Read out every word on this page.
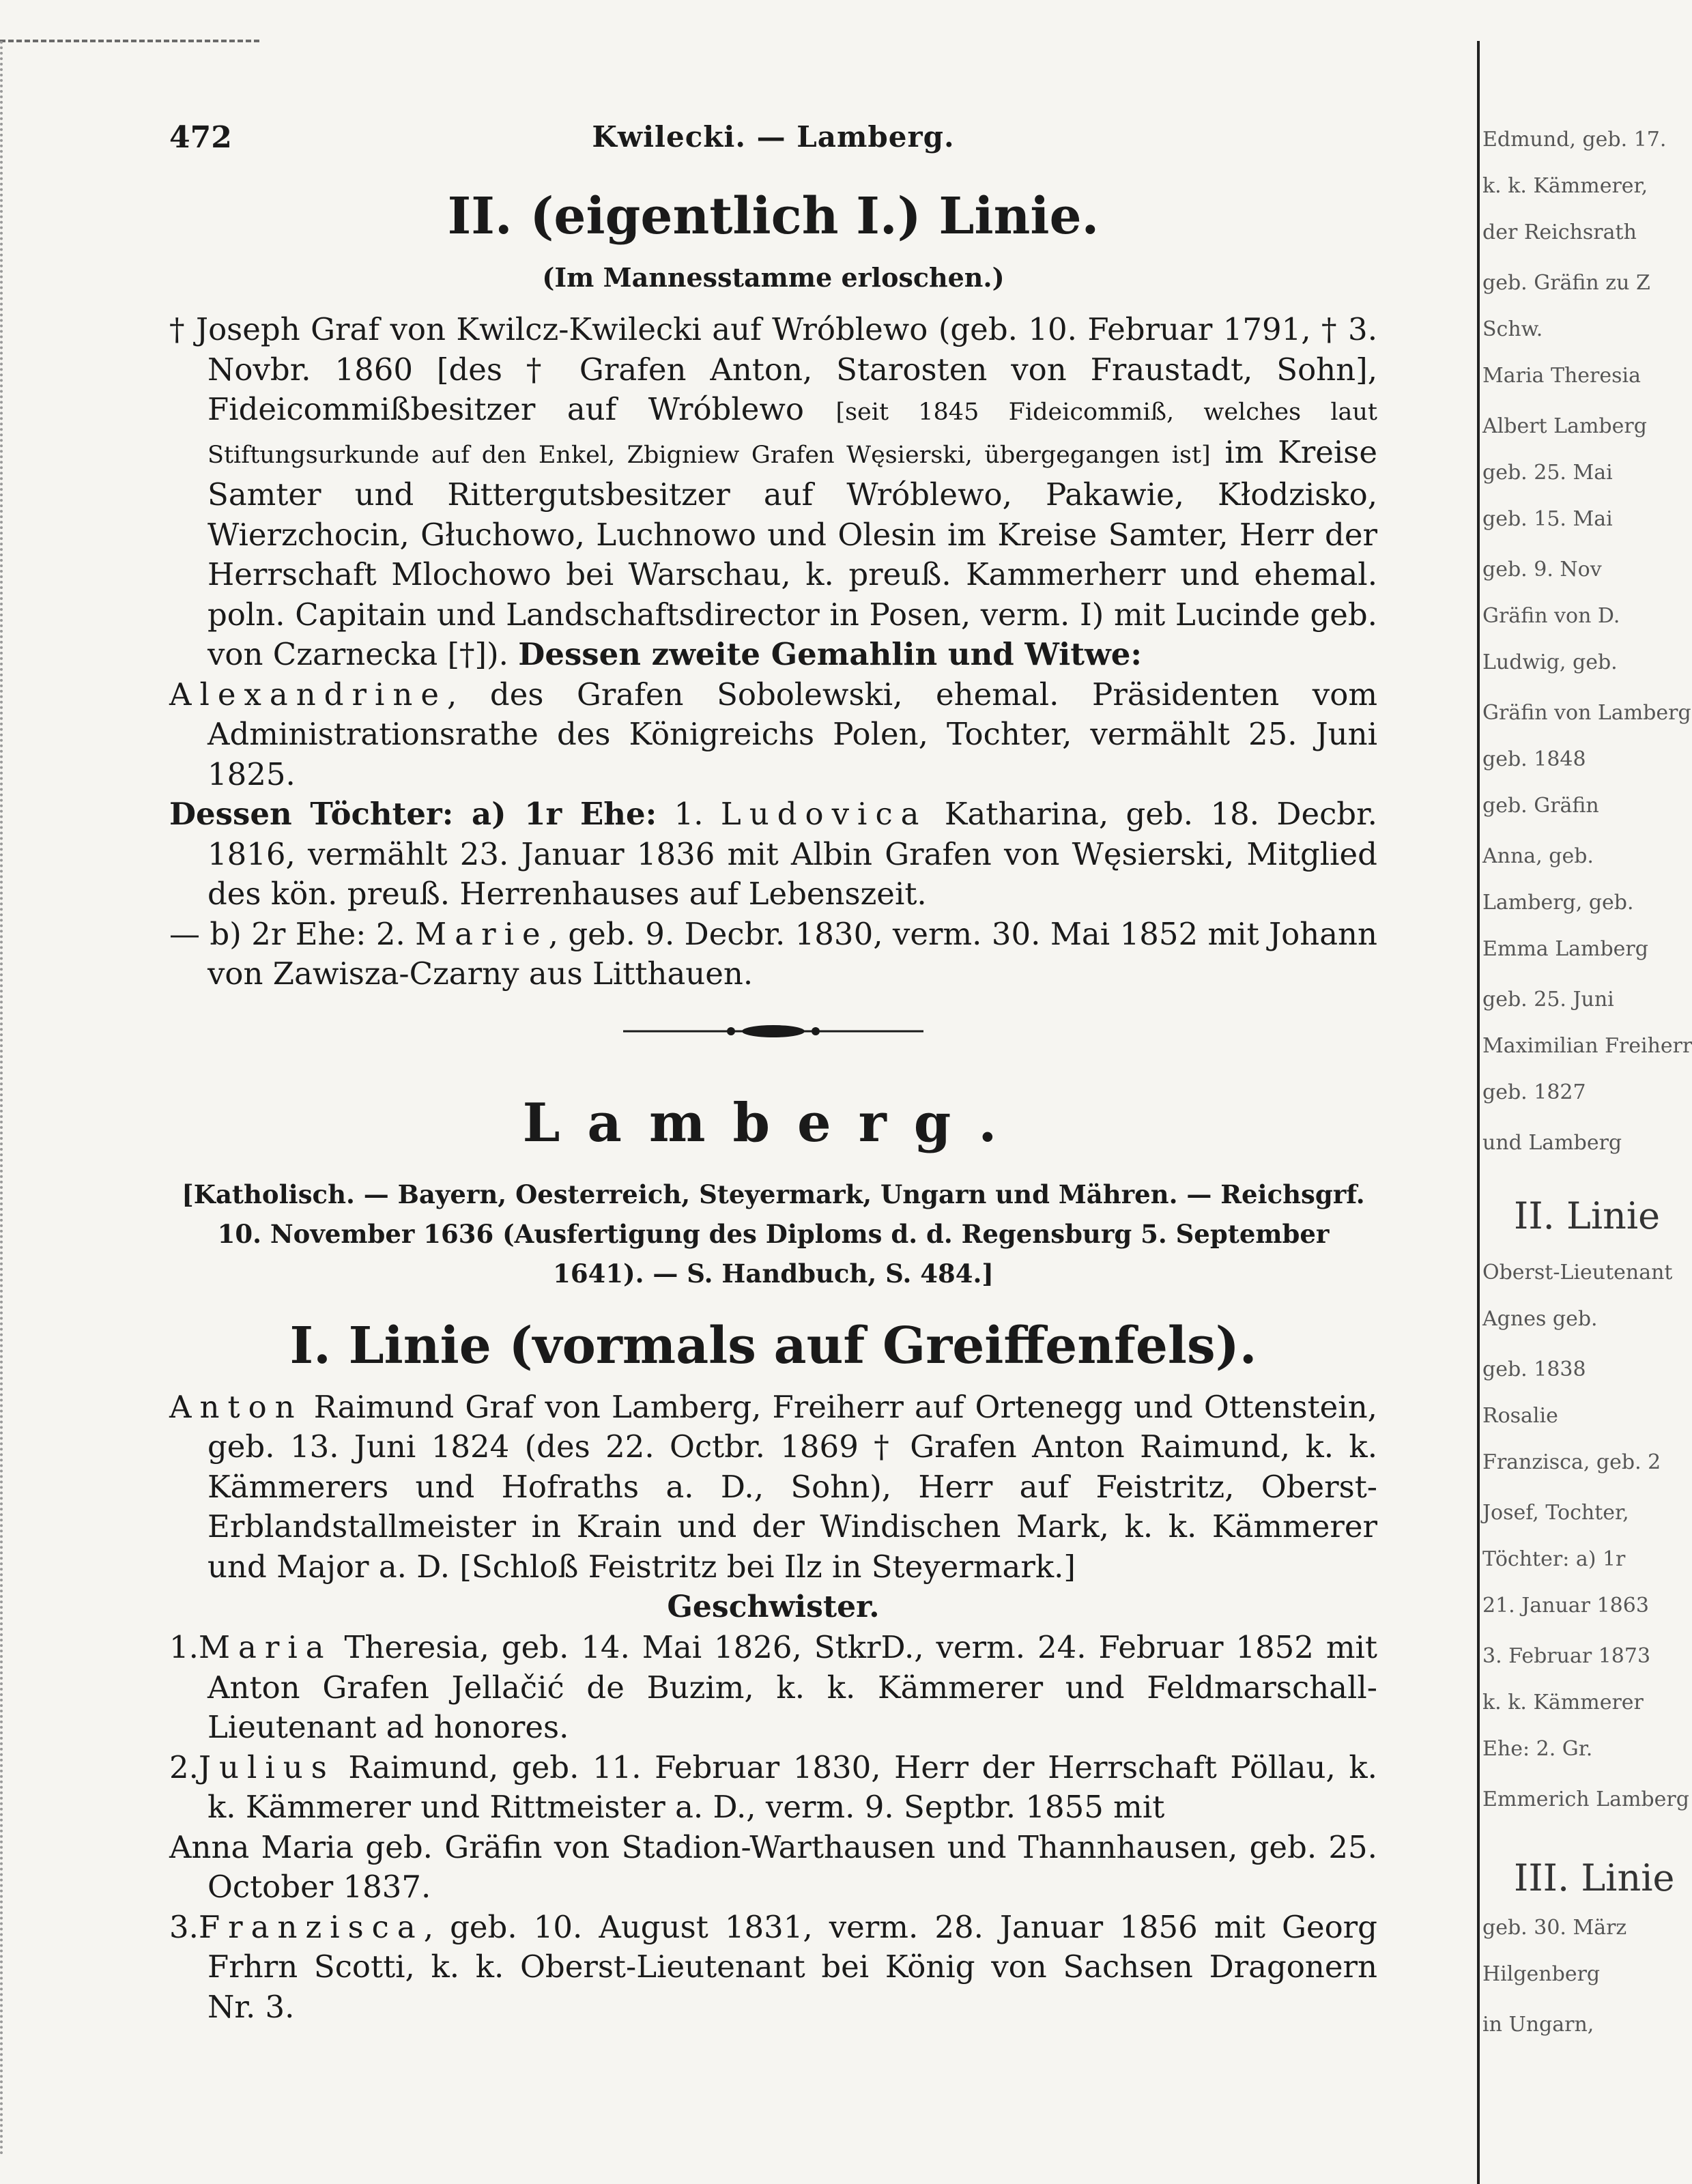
472	Kwilecki. — Lamberg.
II. (eigentlich I.) Linie.

(Im Mannesstamme erloschen.)

† Joseph Graf von Kwilcz-Kwilecki auf Wróblewo (geb. 10. Februar 1791, † 3. Novbr. 1860 [des † Grafen Anton, Starosten von Fraustadt, Sohn], Fideicommißbesitzer auf Wróblewo [seit 1845 Fideicommiß, welches laut Stiftungsurkunde auf den Enkel, Zbigniew Grafen Węsierski, übergegangen ist] im Kreise Samter und Rittergutsbesitzer auf Wróblewo, Pakawie, Kłodzisko, Wierzchocin, Głuchowo, Luchnowo und Olesin im Kreise Samter, Herr der Herrschaft Mlochowo bei Warschau, k. preuß. Kammerherr und ehemal. poln. Capitain und Landschaftsdirector in Posen, verm. I) mit Lucinde geb. von Czarnecka [†]). Dessen zweite Gemahlin und Witwe:

Alexandrine, des Grafen Sobolewski, ehemal. Präsidenten vom Administrationsrathe des Königreichs Polen, Tochter, vermählt 25. Juni 1825.

Dessen Töchter: a) 1r Ehe: 1. Ludovica Katharina, geb. 18. Decbr. 1816, vermählt 23. Januar 1836 mit Albin Grafen von Węsierski, Mitglied des kön. preuß. Herrenhauses auf Lebenszeit.

— b) 2r Ehe: 2. Marie, geb. 9. Decbr. 1830, verm. 30. Mai 1852 mit Johann von Zawisza-Czarny aus Litthauen.

Lamberg.

[Katholisch. — Bayern, Oesterreich, Steyermark, Ungarn und Mähren. — Reichsgrf. 10. November 1636 (Ausfertigung des Diploms d. d. Regensburg 5. September 1641). — S. Handbuch, S. 484.]

I. Linie (vormals auf Greiffenfels).

Anton Raimund Graf von Lamberg, Freiherr auf Ortenegg und Ottenstein, geb. 13. Juni 1824 (des 22. Octbr. 1869 † Grafen Anton Raimund, k. k. Kämmerers und Hofraths a. D., Sohn), Herr auf Feistritz, Oberst-Erblandstallmeister in Krain und der Windischen Mark, k. k. Kämmerer und Major a. D. [Schloß Feistritz bei Ilz in Steyermark.]

Geschwister.

1.Maria Theresia, geb. 14. Mai 1826, StkrD., verm. 24. Februar 1852 mit Anton Grafen Jellačić de Buzim, k. k. Kämmerer und Feldmarschall-Lieutenant ad honores.

2.Julius Raimund, geb. 11. Februar 1830, Herr der Herrschaft Pöllau, k. k. Kämmerer und Rittmeister a. D., verm. 9. Septbr. 1855 mit

Anna Maria geb. Gräfin von Stadion-Warthausen und Thannhausen, geb. 25. October 1837.

3.Franzisca, geb. 10. August 1831, verm. 28. Januar 1856 mit Georg Frhrn Scotti, k. k. Oberst-Lieutenant bei König von Sachsen Dragonern Nr. 3.

II. Linie
III. Linie
Edmund, geb. 17.
k. k. Kämmerer,
der Reichsrath
geb. Gräfin zu Z
Schw.
Maria Theresia
Albert Lamberg
geb. 25. Mai
geb. 15. Mai
geb. 9. Nov
Gräfin von D.
Ludwig, geb.
Gräfin von Lamberg
geb. 1848
geb. Gräfin
Anna, geb.
Lamberg, geb.
Emma Lamberg
geb. 25. Juni
Maximilian Freiherr
geb. 1827
und Lamberg
Oberst-Lieutenant
Agnes geb.
geb. 1838
Rosalie
Franzisca, geb. 2
Josef, Tochter,
Töchter: a) 1r
21. Januar 1863
3. Februar 1873
k. k. Kämmerer
Ehe: 2. Gr.
Emmerich Lamberg
geb. 30. März
Hilgenberg
in Ungarn,
